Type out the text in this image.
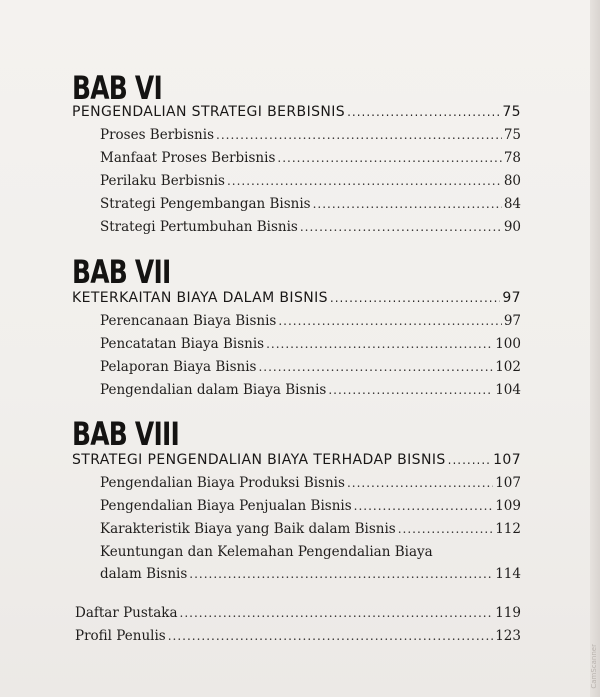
BAB VI
PENGENDALIAN STRATEGI BERBISNIS .....	75
Proses Berbisnis .....	75
Manfaat Proses Berbisnis .....	78
Perilaku Berbisnis .....	80
Strategi Pengembangan Bisnis .....	84
Strategi Pertumbuhan Bisnis .....	90
BAB VII
KETERKAITAN BIAYA DALAM BISNIS .....	97
Perencanaan Biaya Bisnis .....	97
Pencatatan Biaya Bisnis .....	100
Pelaporan Biaya Bisnis .....	102
Pengendalian dalam Biaya Bisnis .....	104
BAB VIII
STRATEGI PENGENDALIAN BIAYA TERHADAP BISNIS .....	107
Pengendalian Biaya Produksi Bisnis .....	107
Pengendalian Biaya Penjualan Bisnis .....	109
Karakteristik Biaya yang Baik dalam Bisnis .....	112
Keuntungan dan Kelemahan Pengendalian Biaya
dalam Bisnis .....	114
Daftar Pustaka .....	119
Profil Penulis .....	123
CamScanner
